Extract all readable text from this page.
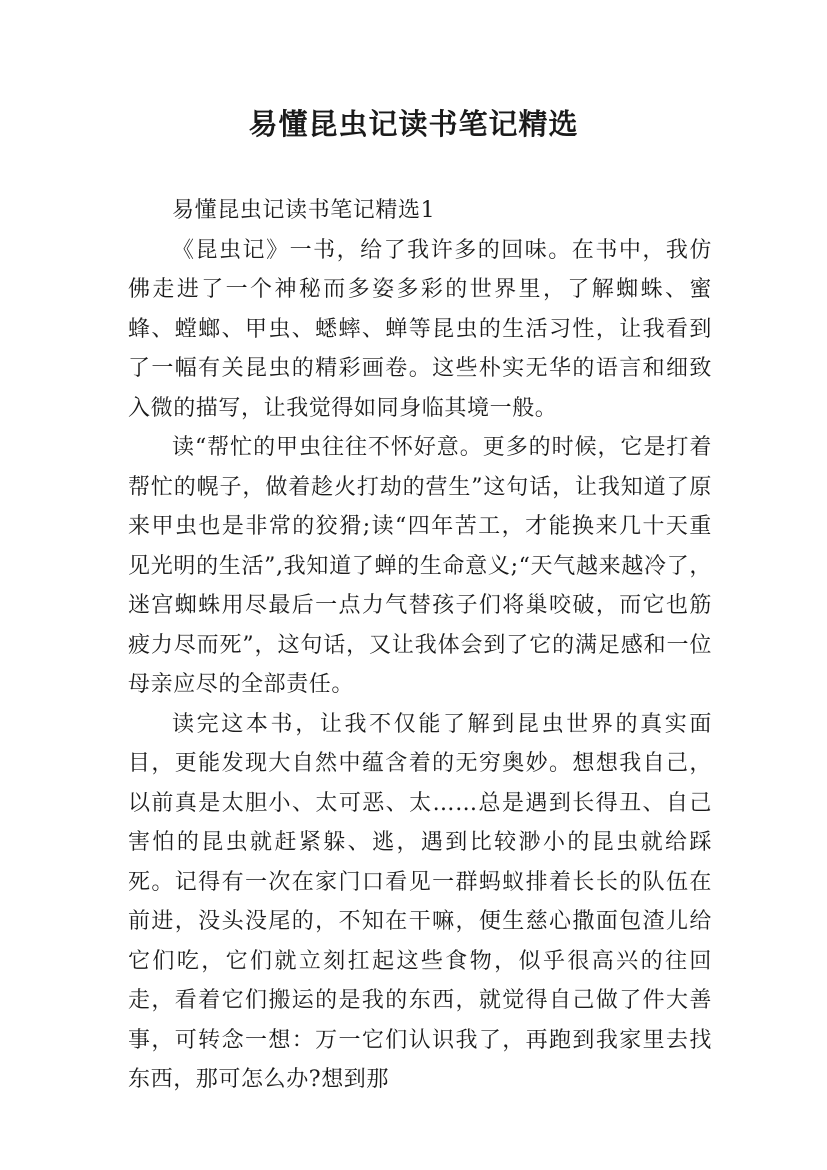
易懂昆虫记读书笔记精选

易懂昆虫记读书笔记精选1

《昆虫记》一书，给了我许多的回味。在书中，我仿佛走进了一个神秘而多姿多彩的世界里，了解蜘蛛、蜜蜂、螳螂、甲虫、蟋蟀、蝉等昆虫的生活习性，让我看到了一幅有关昆虫的精彩画卷。这些朴实无华的语言和细致入微的描写，让我觉得如同身临其境一般。

读“帮忙的甲虫往往不怀好意。更多的时候，它是打着帮忙的幌子，做着趁火打劫的营生”这句话，让我知道了原来甲虫也是非常的狡猾;读“四年苦工，才能换来几十天重见光明的生活”,我知道了蝉的生命意义;“天气越来越冷了，迷宫蜘蛛用尽最后一点力气替孩子们将巢咬破，而它也筋疲力尽而死”，这句话，又让我体会到了它的满足感和一位母亲应尽的全部责任。

读完这本书，让我不仅能了解到昆虫世界的真实面目，更能发现大自然中蕴含着的无穷奥妙。想想我自己，以前真是太胆小、太可恶、太……总是遇到长得丑、自己害怕的昆虫就赶紧躲、逃，遇到比较渺小的昆虫就给踩死。记得有一次在家门口看见一群蚂蚁排着长长的队伍在前进，没头没尾的，不知在干嘛，便生慈心撒面包渣儿给它们吃，它们就立刻扛起这些食物，似乎很高兴的往回走，看着它们搬运的是我的东西，就觉得自己做了件大善事，可转念一想：万一它们认识我了，再跑到我家里去找东西，那可怎么办?想到那
